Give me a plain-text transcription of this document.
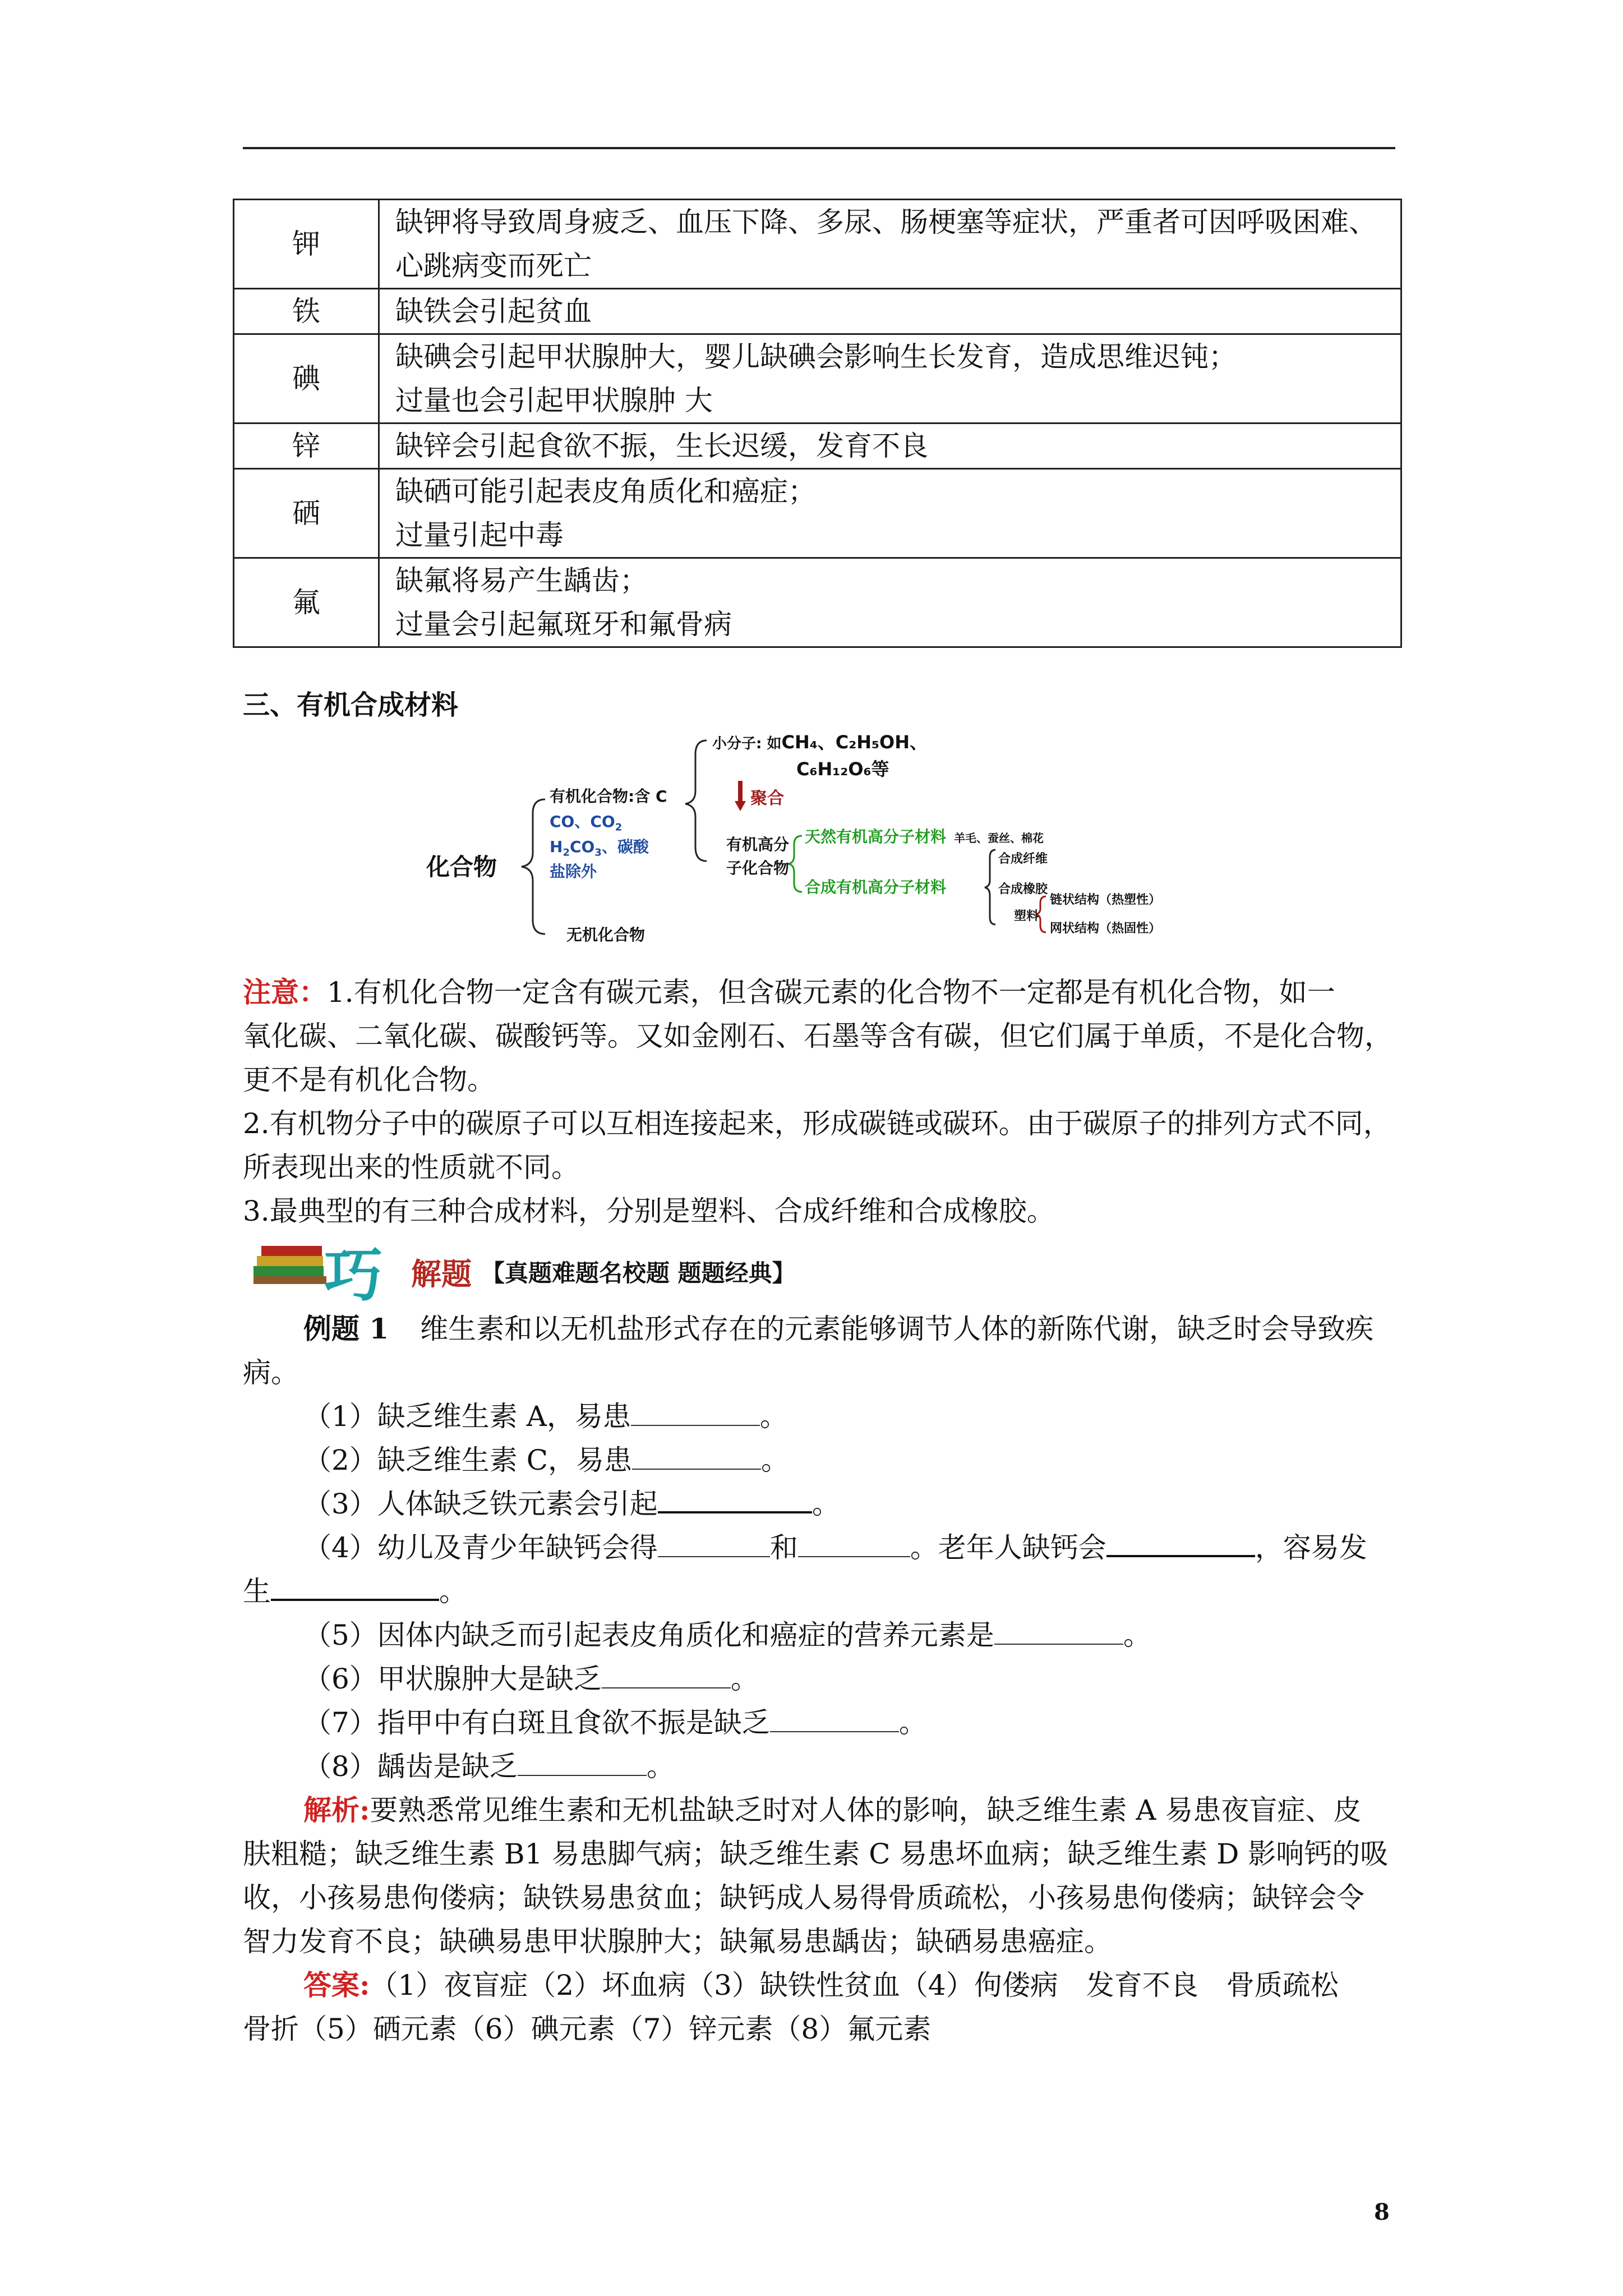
钾	缺钾将导致周身疲乏、血压下降、多尿、肠梗塞等症状，严重者可因呼吸困难、
心跳病变而死亡

铁	缺铁会引起贫血

碘	缺碘会引起甲状腺肿大，婴儿缺碘会影响生长发育，造成思维迟钝；
过量也会引起甲状腺肿 大

锌	缺锌会引起食欲不振，生长迟缓，发育不良

硒	缺硒可能引起表皮角质化和癌症；
过量引起中毒

氟	缺氟将易产生龋齿；
过量会引起氟斑牙和氟骨病
三、有机合成材料
化合物
有机化合物:含 C
CO、$CO_2$
$H_2CO_3$、碳酸
盐除外
无机化合物
小分子: 如CH₄、C₂H₅OH、
C₆H₁₂O₆等
聚合
有机高分
子化合物
天然有机高分子材料 羊毛、蚕丝、棉花
合成有机高分子材料
合成纤维
合成橡胶
塑料
链状结构（热塑性）
网状结构（热固性）
注意：1.有机化合物一定含有碳元素，但含碳元素的化合物不一定都是有机化合物，如一
氧化碳、二氧化碳、碳酸钙等。又如金刚石、石墨等含有碳，但它们属于单质，不是化合物，
更不是有机化合物。
2.有机物分子中的碳原子可以互相连接起来，形成碳链或碳环。由于碳原子的排列方式不同，
所表现出来的性质就不同。
3.最典型的有三种合成材料，分别是塑料、合成纤维和合成橡胶。
巧 解题 【真题难题名校题 题题经典】
例题 1 维生素和以无机盐形式存在的元素能够调节人体的新陈代谢，缺乏时会导致疾
病。
（1）缺乏维生素 A，易患	。
（2）缺乏维生素 C，易患	。
（3）人体缺乏铁元素会引起	。
（4）幼儿及青少年缺钙会得	和	。老年人缺钙会	，容易发
生	。
（5）因体内缺乏而引起表皮角质化和癌症的营养元素是	。
（6）甲状腺肿大是缺乏	。
（7）指甲中有白斑且食欲不振是缺乏	。
（8）龋齿是缺乏	。
解析:要熟悉常见维生素和无机盐缺乏时对人体的影响，缺乏维生素 A 易患夜盲症、皮
肤粗糙；缺乏维生素 B1 易患脚气病；缺乏维生素 C 易患坏血病；缺乏维生素 D 影响钙的吸
收，小孩易患佝偻病；缺铁易患贫血；缺钙成人易得骨质疏松，小孩易患佝偻病；缺锌会令
智力发育不良；缺碘易患甲状腺肿大；缺氟易患龋齿；缺硒易患癌症。
答案:（1）夜盲症（2）坏血病（3）缺铁性贫血（4）佝偻病　发育不良　骨质疏松
骨折（5）硒元素（6）碘元素（7）锌元素（8）氟元素
8
